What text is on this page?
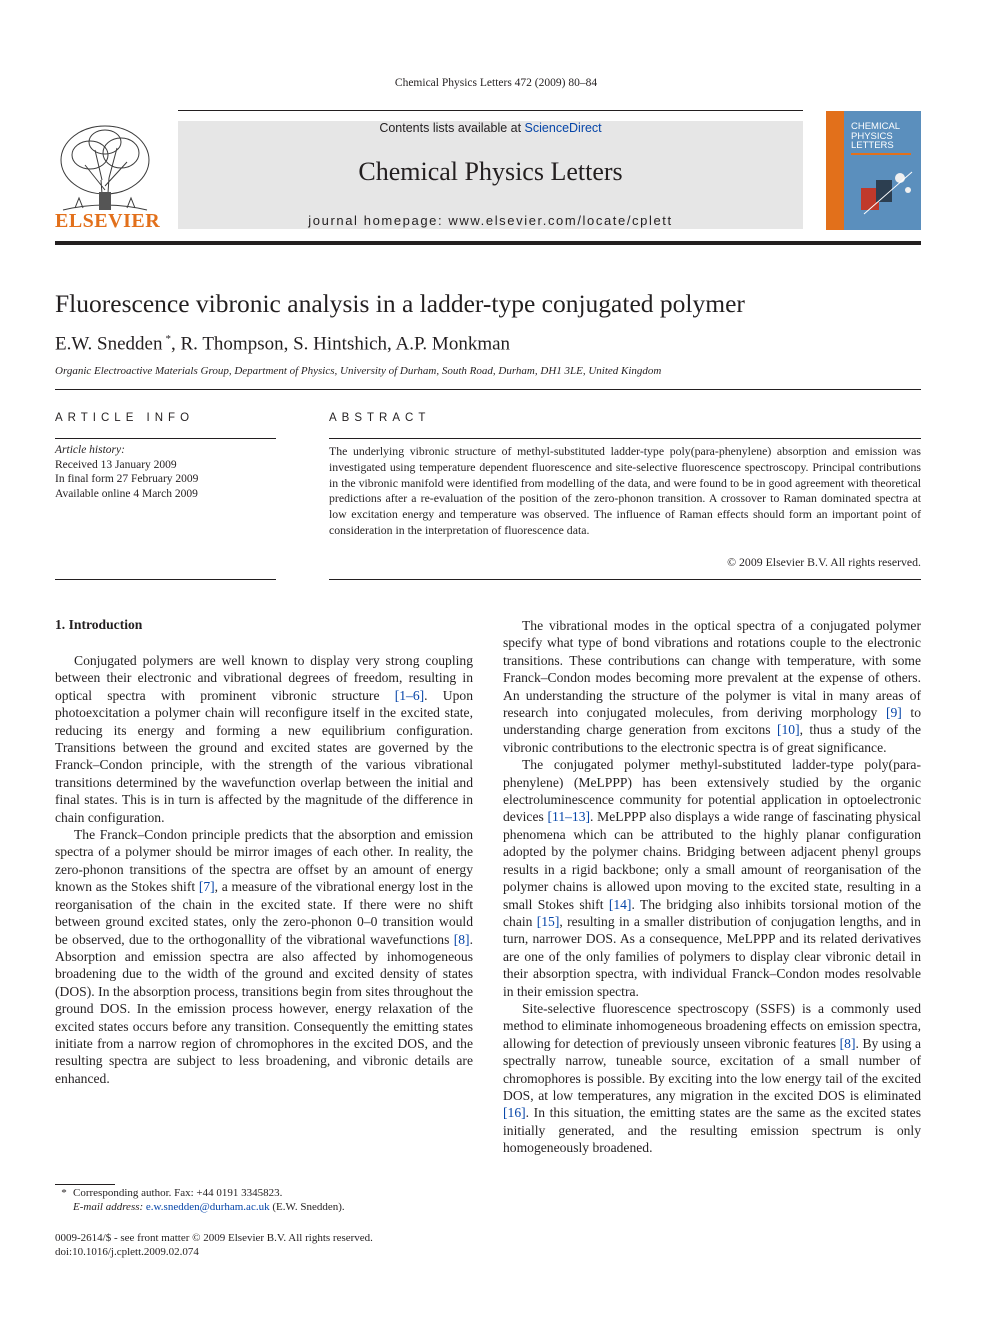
Chemical Physics Letters 472 (2009) 80–84
ELSEVIER
Contents lists available at ScienceDirect
Chemical Physics Letters
journal homepage: www.elsevier.com/locate/cplett
CHEMICAL PHYSICS LETTERS
Fluorescence vibronic analysis in a ladder-type conjugated polymer
E.W. Snedden *, R. Thompson, S. Hintshich, A.P. Monkman
Organic Electroactive Materials Group, Department of Physics, University of Durham, South Road, Durham, DH1 3LE, United Kingdom
ARTICLE INFO	ABSTRACT
Article history:
Received 13 January 2009
In final form 27 February 2009
Available online 4 March 2009
The underlying vibronic structure of methyl-substituted ladder-type poly(para-phenylene) absorption and emission was investigated using temperature dependent fluorescence and site-selective fluorescence spectroscopy. Principal contributions in the vibronic manifold were identified from modelling of the data, and were found to be in good agreement with theoretical predictions after a re-evaluation of the position of the zero-phonon transition. A crossover to Raman dominated spectra at low excitation energy and temperature was observed. The influence of Raman effects should form an important point of consideration in the interpretation of fluorescence data.
© 2009 Elsevier B.V. All rights reserved.
1. Introduction

Conjugated polymers are well known to display very strong coupling between their electronic and vibrational degrees of freedom, resulting in optical spectra with prominent vibronic structure [1–6]. Upon photoexcitation a polymer chain will reconfigure itself in the excited state, reducing its energy and forming a new equilibrium configuration. Transitions between the ground and excited states are governed by the Franck–Condon principle, with the strength of the various vibrational transitions determined by the wavefunction overlap between the initial and final states. This is in turn is affected by the magnitude of the difference in chain configuration.

The Franck–Condon principle predicts that the absorption and emission spectra of a polymer should be mirror images of each other. In reality, the zero-phonon transitions of the spectra are offset by an amount of energy known as the Stokes shift [7], a measure of the vibrational energy lost in the reorganisation of the chain in the excited state. If there were no shift between ground excited states, only the zero-phonon 0–0 transition would be observed, due to the orthogonallity of the vibrational wavefunctions [8]. Absorption and emission spectra are also affected by inhomogeneous broadening due to the width of the ground and excited density of states (DOS). In the absorption process, transitions begin from sites throughout the ground DOS. In the emission process however, energy relaxation of the excited states occurs before any transition. Consequently the emitting states initiate from a narrow region of chromophores in the excited DOS, and the resulting spectra are subject to less broadening, and vibronic details are enhanced.

The vibrational modes in the optical spectra of a conjugated polymer specify what type of bond vibrations and rotations couple to the electronic transitions. These contributions can change with temperature, with some Franck–Condon modes becoming more prevalent at the expense of others. An understanding the structure of the polymer is vital in many areas of research into conjugated molecules, from deriving morphology [9] to understanding charge generation from excitons [10], thus a study of the vibronic contributions to the electronic spectra is of great significance.

The conjugated polymer methyl-substituted ladder-type poly(para-phenylene) (MeLPPP) has been extensively studied by the organic electroluminescence community for potential application in optoelectronic devices [11–13]. MeLPPP also displays a wide range of fascinating physical phenomena which can be attributed to the highly planar configuration adopted by the polymer chains. Bridging between adjacent phenyl groups results in a rigid backbone; only a small amount of reorganisation of the polymer chains is allowed upon moving to the excited state, resulting in a small Stokes shift [14]. The bridging also inhibits torsional motion of the chain [15], resulting in a smaller distribution of conjugation lengths, and in turn, narrower DOS. As a consequence, MeLPPP and its related derivatives are one of the only families of polymers to display clear vibronic detail in their absorption spectra, with individual Franck–Condon modes resolvable in their emission spectra.

Site-selective fluorescence spectroscopy (SSFS) is a commonly used method to eliminate inhomogeneous broadening effects on emission spectra, allowing for detection of previously unseen vibronic features [8]. By using a spectrally narrow, tuneable source, excitation of a small number of chromophores is possible. By exciting into the low energy tail of the excited DOS, at low temperatures, any migration in the excited DOS is eliminated [16]. In this situation, the emitting states are the same as the excited states initially generated, and the resulting emission spectrum is only homogeneously broadened.

* Corresponding author. Fax: +44 0191 3345823.
E-mail address: e.w.snedden@durham.ac.uk (E.W. Snedden).
0009-2614/$ - see front matter © 2009 Elsevier B.V. All rights reserved.
doi:10.1016/j.cplett.2009.02.074
